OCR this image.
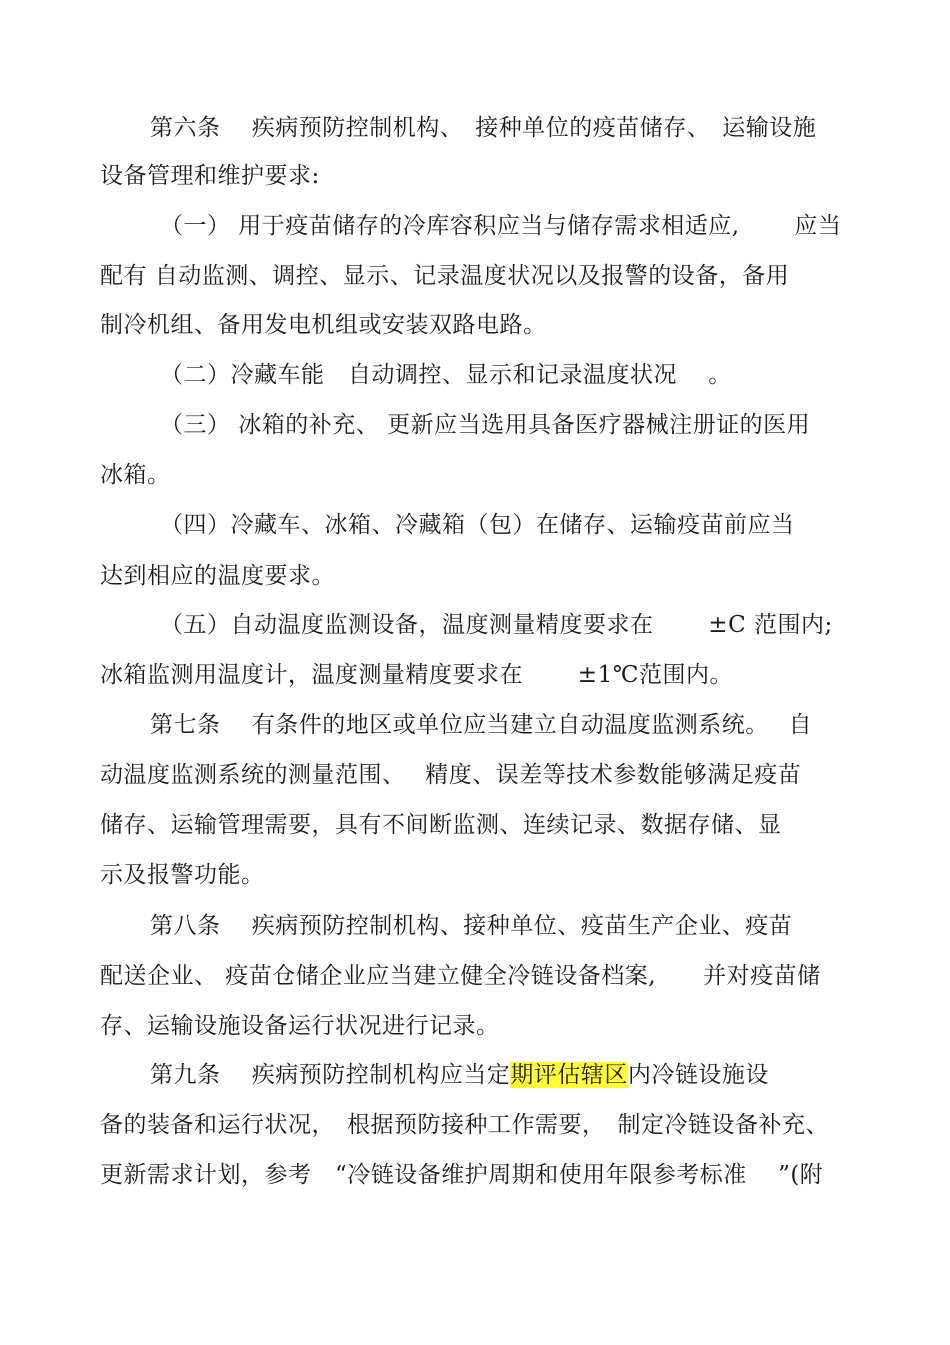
第六条　 疾病预防控制机构、　接种单位的疫苗储存、　运输设施
设备管理和维护要求:
（一） 用于疫苗储存的冷库容积应当与储存需求相适应,　　 应当
配有 自动监测、调控、显示、记录温度状况以及报警的设备，备用
制冷机组、备用发电机组或安装双路电路。
（二）冷藏车能　自动调控、显示和记录温度状况　 。
（三） 冰箱的补充、 更新应当选用具备医疗器械注册证的医用
冰箱。
（四）冷藏车、冰箱、冷藏箱（包）在储存、运输疫苗前应当
达到相应的温度要求。
（五）自动温度监测设备，温度测量精度要求在　　 ±C 范围内;
冰箱监测用温度计，温度测量精度要求在　　 ±1℃范围内。
第七条　 有条件的地区或单位应当建立自动温度监测系统。　 自
动温度监测系统的测量范围、　 精度、误差等技术参数能够满足疫苗
储存、运输管理需要，具有不间断监测、连续记录、数据存储、显
示及报警功能。
第八条　 疾病预防控制机构、接种单位、疫苗生产企业、疫苗
配送企业、 疫苗仓储企业应当建立健全冷链设备档案,　　并对疫苗储
存、运输设施设备运行状况进行记录。
第九条　 疾病预防控制机构应当定期评估辖区内冷链设施设
备的装备和运行状况，　根据预防接种工作需要，　制定冷链设备补充、
更新需求计划，参考　“冷链设备维护周期和使用年限参考标准　 ”(附
